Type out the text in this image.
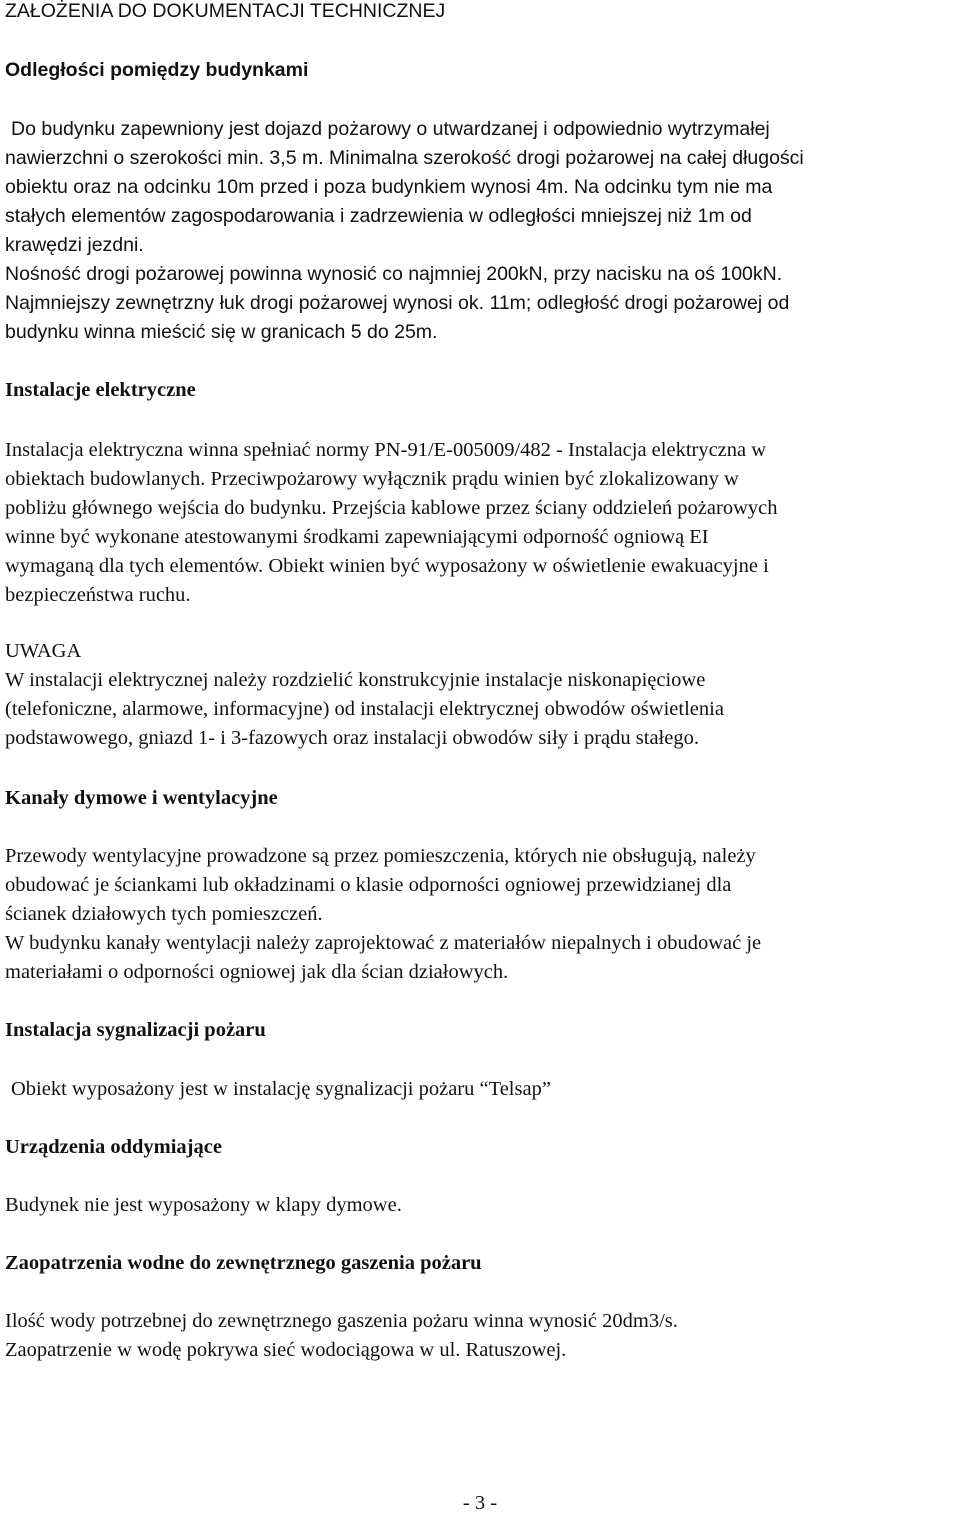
ZAŁOŻENIA DO DOKUMENTACJI TECHNICZNEJ
Odległości pomiędzy budynkami
Do budynku zapewniony jest dojazd pożarowy o utwardzanej i odpowiednio wytrzymałej
nawierzchni o szerokości min. 3,5 m. Minimalna szerokość drogi pożarowej na całej długości
obiektu oraz na odcinku 10m przed i poza budynkiem wynosi 4m. Na odcinku tym nie ma
stałych elementów zagospodarowania i zadrzewienia w odległości mniejszej niż 1m od
krawędzi jezdni.
Nośność drogi pożarowej powinna wynosić co najmniej 200kN, przy nacisku na oś 100kN.
Najmniejszy zewnętrzny łuk drogi pożarowej wynosi ok. 11m; odległość drogi pożarowej od
budynku winna mieścić się w granicach 5 do 25m.
Instalacje elektryczne
Instalacja elektryczna winna spełniać normy PN-91/E-005009/482 - Instalacja elektryczna w
obiektach budowlanych. Przeciwpożarowy wyłącznik prądu winien być zlokalizowany w
pobliżu głównego wejścia do budynku. Przejścia kablowe przez ściany oddzieleń pożarowych
winne być wykonane atestowanymi środkami zapewniającymi odporność ogniową EI
wymaganą dla tych elementów. Obiekt winien być wyposażony w oświetlenie ewakuacyjne i
bezpieczeństwa ruchu.
UWAGA
W instalacji elektrycznej należy rozdzielić konstrukcyjnie instalacje niskonapięciowe
(telefoniczne, alarmowe, informacyjne) od instalacji elektrycznej obwodów oświetlenia
podstawowego, gniazd 1- i 3-fazowych oraz instalacji obwodów siły i prądu stałego.
Kanały dymowe i wentylacyjne
Przewody wentylacyjne prowadzone są przez pomieszczenia, których nie obsługują, należy
obudować je ściankami lub okładzinami o klasie odporności ogniowej przewidzianej dla
ścianek działowych tych pomieszczeń.
W budynku kanały wentylacji należy zaprojektować z materiałów niepalnych i obudować je
materiałami o odporności ogniowej jak dla ścian działowych.
Instalacja sygnalizacji pożaru
Obiekt wyposażony jest w instalację sygnalizacji pożaru “Telsap”
Urządzenia oddymiające
Budynek nie jest wyposażony w klapy dymowe.
Zaopatrzenia wodne do zewnętrznego gaszenia pożaru
Ilość wody potrzebnej do zewnętrznego gaszenia pożaru winna wynosić 20dm3/s.
Zaopatrzenie w wodę pokrywa sieć wodociągowa w ul. Ratuszowej.
- 3 -
